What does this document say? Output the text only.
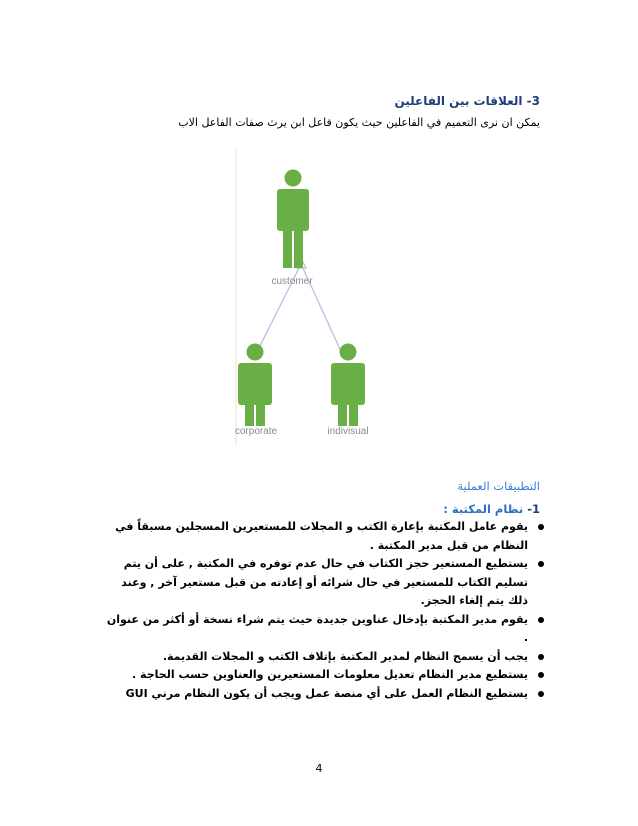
3- العلاقات بين الفاعلين
يمكن ان نرى التعميم في الفاعلين حيث يكون فاعل ابن يرث صفات الفاعل الاب
customer
corporate	indivisual
التطبيقات العملية
1- نظام المكتبة :
يقوم عامل المكتبة بإعارة الكتب و المجلات للمستعيرين المسجلين مسبقاً في النظام من قبل مدير المكتبة .
يستطيع المستعير حجز الكتاب في حال عدم توفره في المكتبة , على أن يتم تسليم الكتاب للمستعير في حال شرائه أو إعادته من قبل مستعير آخر , وعند ذلك يتم إلغاء الحجز.
يقوم مدير المكتبة بإدخال عناوين جديدة حيث يتم شراء نسخة أو أكثر من عنوان .
يجب أن يسمح النظام لمدير المكتبة بإتلاف الكتب و المجلات القديمة.
يستطيع مدير النظام تعديل معلومات المستعيرين والعناوين حسب الحاجة .
يستطيع النظام العمل على أي منصة عمل ويجب أن يكون النظام مرني GUI
4
